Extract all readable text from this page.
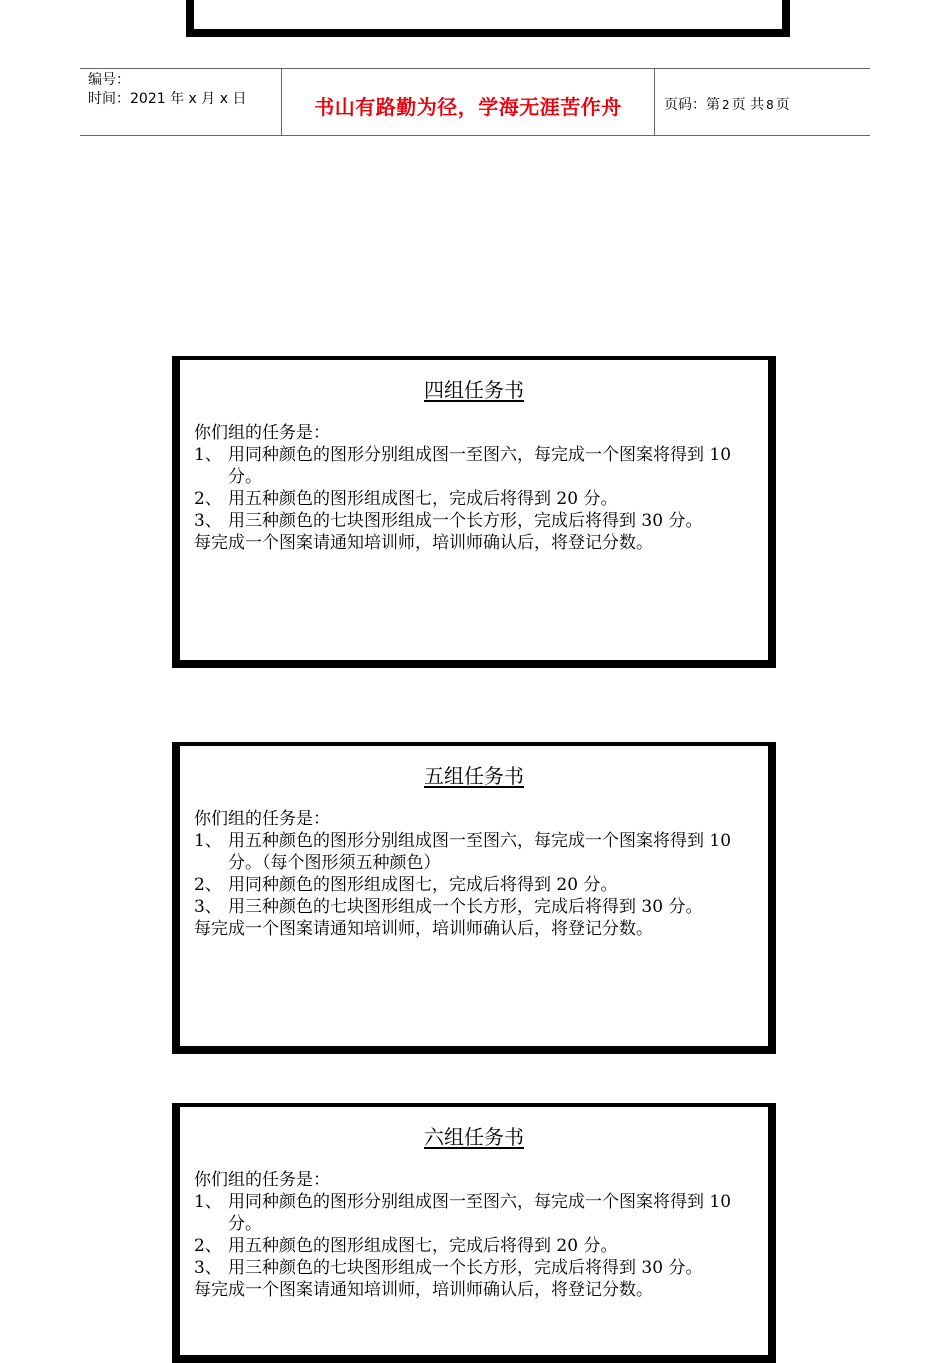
编号：
时间：2021 年 x 月 x 日	书山有路勤为径，学海无涯苦作舟	页码：第 2 页 共 8 页
四组任务书

你们组的任务是：

1、 用同种颜色的图形分别组成图一至图六，每完成一个图案将得到 10 分。
2、 用五种颜色的图形组成图七，完成后将得到 20 分。
3、 用三种颜色的七块图形组成一个长方形，完成后将得到 30 分。

每完成一个图案请通知培训师，培训师确认后，将登记分数。

五组任务书

你们组的任务是：

1、 用五种颜色的图形分别组成图一至图六，每完成一个图案将得到 10 分。（每个图形须五种颜色）
2、 用同种颜色的图形组成图七，完成后将得到 20 分。
3、 用三种颜色的七块图形组成一个长方形，完成后将得到 30 分。

每完成一个图案请通知培训师，培训师确认后，将登记分数。

六组任务书

你们组的任务是：

1、 用同种颜色的图形分别组成图一至图六，每完成一个图案将得到 10 分。
2、 用五种颜色的图形组成图七，完成后将得到 20 分。
3、 用三种颜色的七块图形组成一个长方形，完成后将得到 30 分。

每完成一个图案请通知培训师，培训师确认后，将登记分数。
